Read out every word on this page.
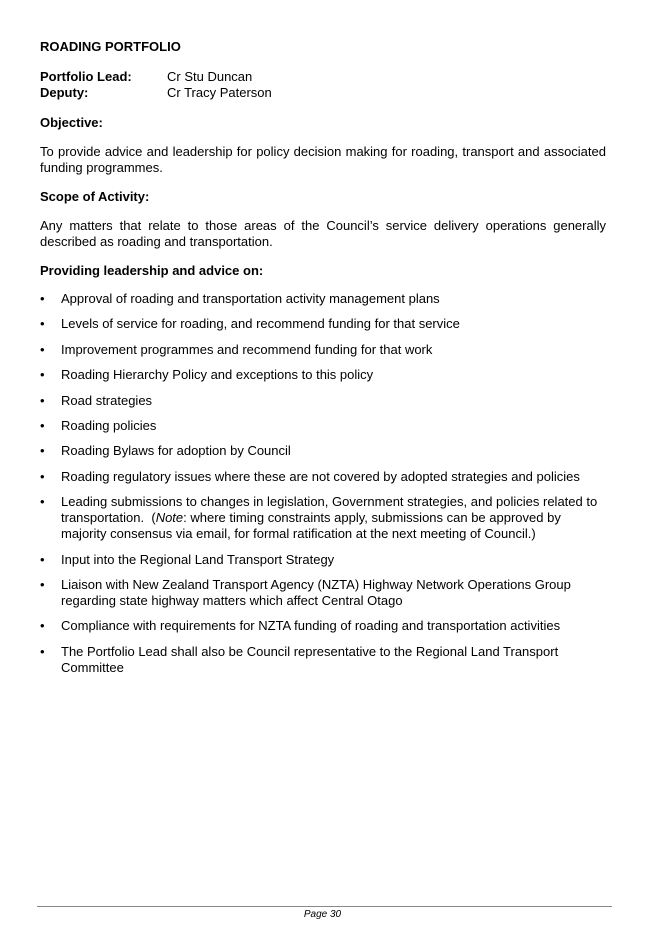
ROADING PORTFOLIO
Portfolio Lead:	Cr Stu Duncan
Deputy:	Cr Tracy Paterson
Objective:
To provide advice and leadership for policy decision making for roading, transport and associated funding programmes.
Scope of Activity:
Any matters that relate to those areas of the Council’s service delivery operations generally described as roading and transportation.
Providing leadership and advice on:
• Approval of roading and transportation activity management plans
• Levels of service for roading, and recommend funding for that service
• Improvement programmes and recommend funding for that work
• Roading Hierarchy Policy and exceptions to this policy
• Road strategies
• Roading policies
• Roading Bylaws for adoption by Council
• Roading regulatory issues where these are not covered by adopted strategies and policies
• Leading submissions to changes in legislation, Government strategies, and policies related to transportation. (Note: where timing constraints apply, submissions can be approved by majority consensus via email, for formal ratification at the next meeting of Council.)
• Input into the Regional Land Transport Strategy
• Liaison with New Zealand Transport Agency (NZTA) Highway Network Operations Group regarding state highway matters which affect Central Otago
• Compliance with requirements for NZTA funding of roading and transportation activities
• The Portfolio Lead shall also be Council representative to the Regional Land Transport Committee
Page 30
